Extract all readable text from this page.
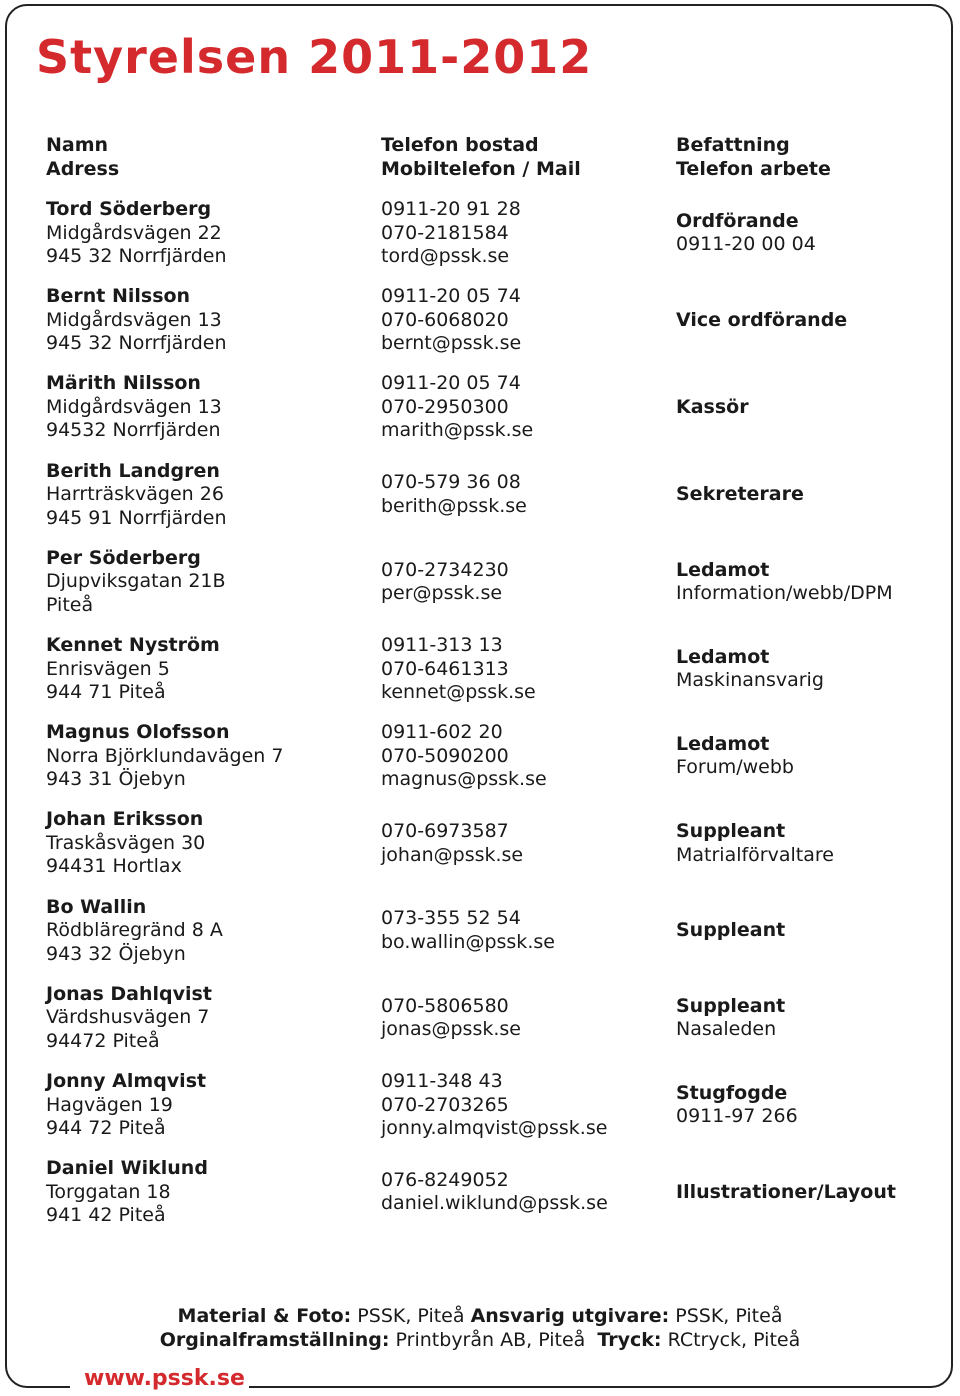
Styrelsen 2011-2012
Namn
Adress
Telefon bostad
Mobiltelefon / Mail
Befattning
Telefon arbete
Tord Söderberg
Midgårdsvägen 22
945 32 Norrfjärden
0911-20 91 28
070-2181584
tord@pssk.se
Ordförande
0911-20 00 04
Bernt Nilsson
Midgårdsvägen 13
945 32 Norrfjärden
0911-20 05 74
070-6068020
bernt@pssk.se
Vice ordförande
Märith Nilsson
Midgårdsvägen 13
94532 Norrfjärden
0911-20 05 74
070-2950300
marith@pssk.se
Kassör
Berith Landgren
Harrträskvägen 26
945 91 Norrfjärden
070-579 36 08
berith@pssk.se
Sekreterare
Per Söderberg
Djupviksgatan 21B
Piteå
070-2734230
per@pssk.se
Ledamot
Information/webb/DPM
Kennet Nyström
Enrisvägen 5
944 71 Piteå
0911-313 13
070-6461313
kennet@pssk.se
Ledamot
Maskinansvarig
Magnus Olofsson
Norra Björklundavägen 7
943 31 Öjebyn
0911-602 20
070-5090200
magnus@pssk.se
Ledamot
Forum/webb
Johan Eriksson
Traskåsvägen 30
94431 Hortlax
070-6973587
johan@pssk.se
Suppleant
Matrialförvaltare
Bo Wallin
Rödbläregränd 8 A
943 32 Öjebyn
073-355 52 54
bo.wallin@pssk.se
Suppleant
Jonas Dahlqvist
Värdshusvägen 7
94472 Piteå
070-5806580
jonas@pssk.se
Suppleant
Nasaleden
Jonny Almqvist
Hagvägen 19
944 72 Piteå
0911-348 43
070-2703265
jonny.almqvist@pssk.se
Stugfogde
0911-97 266
Daniel Wiklund
Torggatan 18
941 42 Piteå
076-8249052
daniel.wiklund@pssk.se
Illustrationer/Layout
Material & Foto: PSSK, Piteå Ansvarig utgivare: PSSK, Piteå
Orginalframställning: Printbyrån AB, Piteå Tryck: RCtryck, Piteå
www.pssk.se
